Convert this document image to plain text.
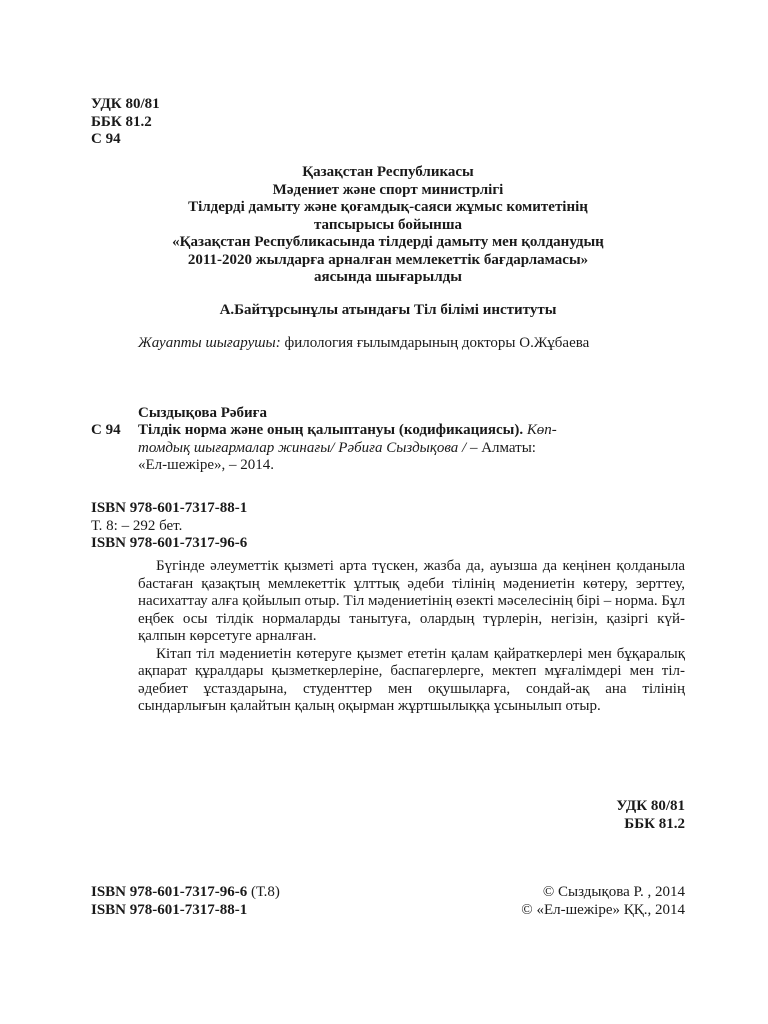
УДК 80/81
ББК 81.2
С 94
Қазақстан Республикасы
Мәдениет және спорт министрлігі
Тілдерді дамыту және қоғамдық-саяси жұмыс комитетінің
тапсырысы бойынша
«Қазақстан Республикасында тілдерді дамыту мен қолданудың
2011-2020 жылдарға арналған мемлекеттік бағдарламасы»
аясында шығарылды
А.Байтұрсынұлы атындағы Тіл білімі институты
Жауапты шығарушы: филология ғылымдарының докторы О.Жұбаева
Сыздықова Рәбиға
С 94 Тілдік норма және оның қалыптануы (кодификациясы). Көп-
томдық шығармалар жинағы/ Рәбиға Сыздықова / – Алматы:
«Ел-шежіре», – 2014.
ISBN 978-601-7317-88-1
Т. 8: – 292 бет.
ISBN 978-601-7317-96-6

Бүгінде әлеуметтік қызметі арта түскен, жазба да, ауызша да кеңінен қолданыла бастаған қазақтың мемлекеттік ұлттық әдеби тілінің мәдениетін көтеру, зерттеу, насихаттау алға қойылып отыр. Тіл мәдениетінің өзекті мәселесінің бірі – норма. Бұл еңбек осы тілдік нормаларды танытуға, олардың түрлерін, негізін, қазіргі күй-қалпын көрсетуге арналған.

Кітап тіл мәдениетін көтеруге қызмет ететін қалам қайраткерлері мен бұқаралық ақпарат құралдары қызметкерлеріне, баспагерлерге, мектеп мұғалімдері мен тіл-әдебиет ұстаздарына, студенттер мен оқушыларға, сондай-ақ ана тілінің сындарлығын қалайтын қалың оқырман жұртшылыққа ұсынылып отыр.

УДК 80/81
ББК 81.2
ISBN 978-601-7317-96-6 (Т.8)
ISBN 978-601-7317-88-1
© Сыздықова Р. , 2014
© «Ел-шежіре» ҚҚ., 2014
